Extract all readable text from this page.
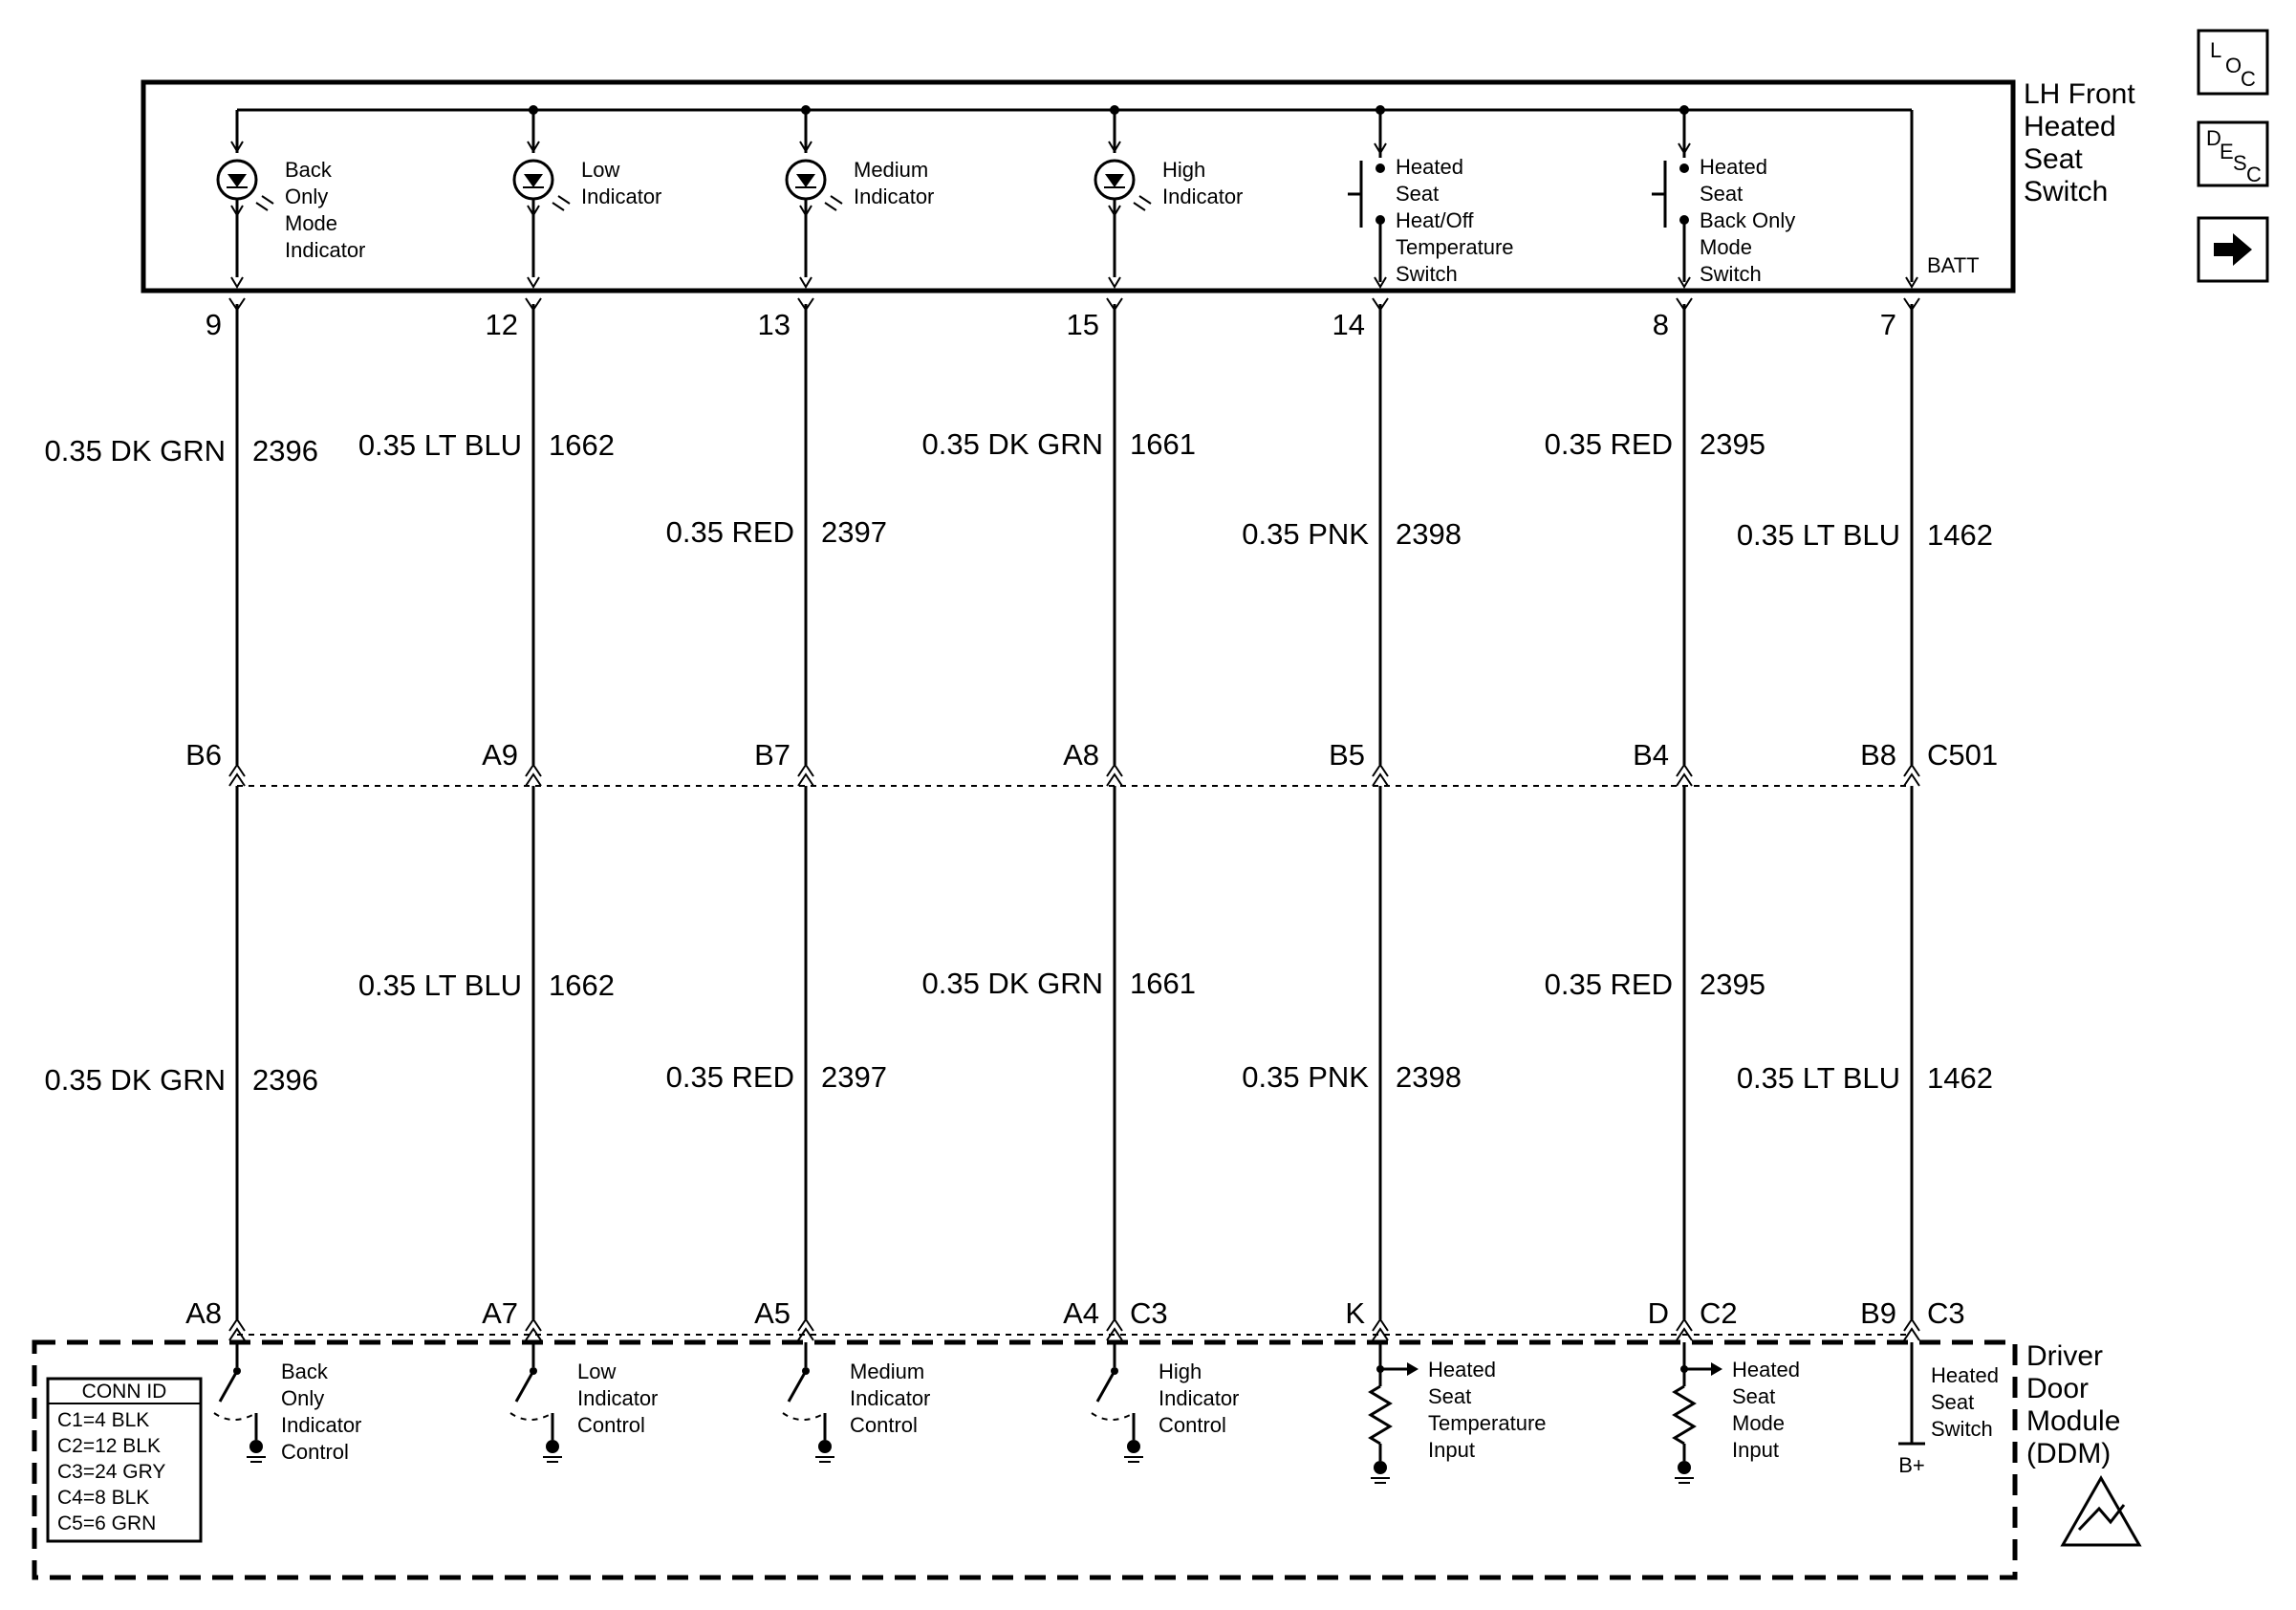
LH Front
Heated
Seat
Switch
Back
Only
Mode
Indicator
Low
Indicator
Medium
Indicator
High
Indicator
Heated
Seat
Heat/Off
Temperature
Switch
Heated
Seat
Back Only
Mode
Switch	BATT
9
B6
A8
0.35 DK GRN 2396
0.35 DK GRN 2396
12
A9
A7
0.35 LT BLU 1662
0.35 LT BLU 1662
13
B7
A5
0.35 RED 2397
0.35 RED 2397
15
A8
A4 C3
0.35 DK GRN 1661
0.35 DK GRN 1661
14
B5
K
0.35 PNK 2398
0.35 PNK 2398
8
B4
D C2
0.35 RED 2395
0.35 RED 2395
7
B8
B9 C3
0.35 LT BLU 1462
0.35 LT BLU 1462
C501
Driver
Door
Module
(DDM)
Back
Only
Indicator
Control
Low
Indicator
Control
Medium
Indicator
Control
High
Indicator
Control
Heated
Seat
Temperature
Input
Heated
Seat
Mode
Input
B+
Heated
Seat
Switch
CONN ID
C1=4 BLK
C2=12 BLK
C3=24 GRY
C4=8 BLK
C5=6 GRN
L
O
C
D
E S C
